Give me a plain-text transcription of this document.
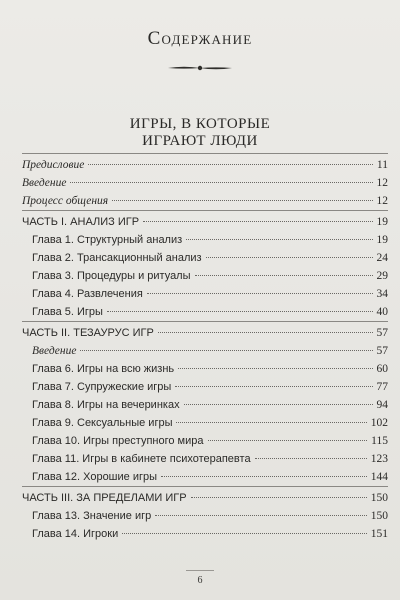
Содержание
ИГРЫ, В КОТОРЫЕ
ИГРАЮТ ЛЮДИ
Предисловие	11
Введение	12
Процесс общения	12
ЧАСТЬ I. АНАЛИЗ ИГР	19
Глава 1. Структурный анализ	19
Глава 2. Трансакционный анализ	24
Глава 3. Процедуры и ритуалы	29
Глава 4. Развлечения	34
Глава 5. Игры	40
ЧАСТЬ II. ТЕЗАУРУС ИГР	57
Введение	57
Глава 6. Игры на всю жизнь	60
Глава 7. Супружеские игры	77
Глава 8. Игры на вечеринках	94
Глава 9. Сексуальные игры	102
Глава 10. Игры преступного мира	115
Глава 11. Игры в кабинете психотерапевта	123
Глава 12. Хорошие игры	144
ЧАСТЬ III. ЗА ПРЕДЕЛАМИ ИГР	150
Глава 13. Значение игр	150
Глава 14. Игроки	151
6
